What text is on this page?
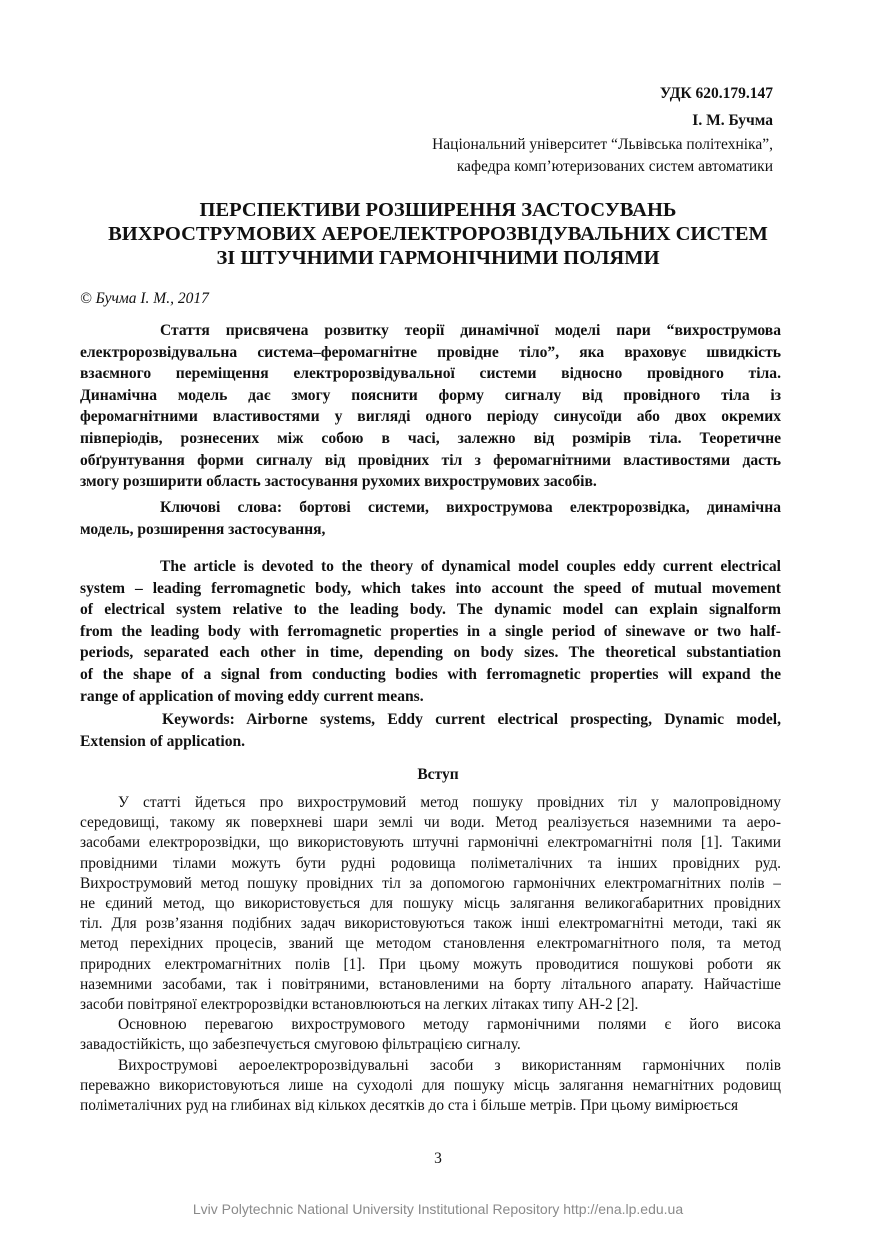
УДК 620.179.147
І. М. Бучма
Національний університет “Львівська політехніка”,
кафедра комп’ютеризованих систем автоматики
ПЕРСПЕКТИВИ РОЗШИРЕННЯ ЗАСТОСУВАНЬ
ВИХРОСТРУМОВИХ АЕРОЕЛЕКТРОРОЗВІДУВАЛЬНИХ СИСТЕМ
ЗІ ШТУЧНИМИ ГАРМОНІЧНИМИ ПОЛЯМИ
© Бучма І. М., 2017
Стаття присвячена розвитку теорії динамічної моделі пари “вихрострумова
електророзвідувальна система–феромагнітне провідне тіло”, яка враховує швидкість
взаємного переміщення електророзвідувальної системи відносно провідного тіла.
Динамічна модель дає змогу пояснити форму сигналу від провідного тіла із
феромагнітними властивостями у вигляді одного періоду синусоїди або двох окремих
півперіодів, рознесених між собою в часі, залежно від розмірів тіла. Теоретичне
обґрунтування форми сигналу від провідних тіл з феромагнітними властивостями дасть
змогу розширити область застосування рухомих вихрострумових засобів.
Ключові слова: бортові системи, вихрострумова електророзвідка, динамічна
модель, розширення застосування,
The article is devoted to the theory of dynamical model couples eddy current electrical
system – leading ferromagnetic body, which takes into account the speed of mutual movement
of electrical system relative to the leading body. The dynamic model can explain signalform
from the leading body with ferromagnetic properties in a single period of sinewave or two half-
periods, separated each other in time, depending on body sizes. The theoretical substantiation
of the shape of a signal from conducting bodies with ferromagnetic properties will expand the
range of application of moving eddy current means.
Keywords: Airborne systems, Eddy current electrical prospecting, Dynamic model,
Extension of application.
Вступ
У статті йдеться про вихрострумовий метод пошуку провідних тіл у малопровідному
середовищі, такому як поверхневі шари землі чи води. Метод реалізується наземними та аеро-
засобами електророзвідки, що використовують штучні гармонічні електромагнітні поля [1]. Такими
провідними тілами можуть бути рудні родовища поліметалічних та інших провідних руд.
Вихрострумовий метод пошуку провідних тіл за допомогою гармонічних електромагнітних полів –
не єдиний метод, що використовується для пошуку місць залягання великогабаритних провідних
тіл. Для розв’язання подібних задач використовуються також інші електромагнітні методи, такі як
метод перехідних процесів, званий ще методом становлення електромагнітного поля, та метод
природних електромагнітних полів [1]. При цьому можуть проводитися пошукові роботи як
наземними засобами, так і повітряними, встановленими на борту літального апарату. Найчастіше
засоби повітряної електророзвідки встановлюються на легких літаках типу АН-2 [2].
Основною перевагою вихрострумового методу гармонічними полями є його висока
завадостійкість, що забезпечується смуговою фільтрацією сигналу.
Вихрострумові аероелектророзвідувальні засоби з використанням гармонічних полів
переважно використовуються лише на суходолі для пошуку місць залягання немагнітних родовищ
поліметалічних руд на глибинах від кількох десятків до ста і більше метрів. При цьому вимірюється
3
Lviv Polytechnic National University Institutional Repository http://ena.lp.edu.ua
